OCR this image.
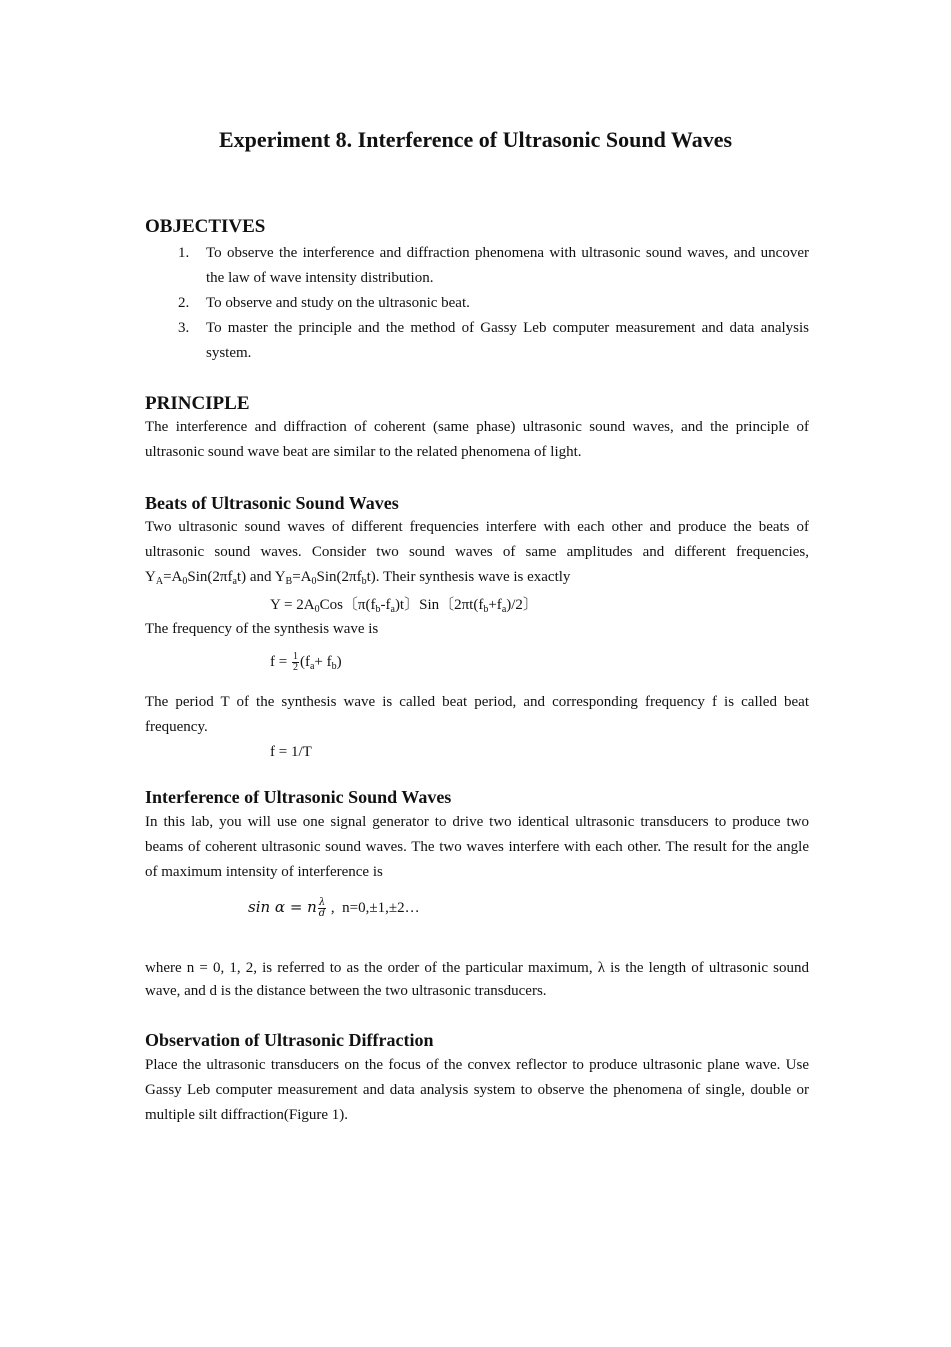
Experiment 8. Interference of Ultrasonic Sound Waves
OBJECTIVES
1. To observe the interference and diffraction phenomena with ultrasonic sound waves, and uncover the law of wave intensity distribution.
2. To observe and study on the ultrasonic beat.
3. To master the principle and the method of Gassy Leb computer measurement and data analysis system.
PRINCIPLE

The interference and diffraction of coherent (same phase) ultrasonic sound waves, and the principle of ultrasonic sound wave beat are similar to the related phenomena of light.

Beats of Ultrasonic Sound Waves

Two ultrasonic sound waves of different frequencies interfere with each other and produce the beats of ultrasonic sound waves. Consider two sound waves of same amplitudes and different frequencies, $Y_A=A_0Sin(2\pi f_at)$ and $Y_B=A_0Sin(2\pi f_bt)$. Their synthesis wave is exactly

$Y = 2A_0Cos$〔$\pi(f_b-f_a)t$〕Sin〔$2\pi t(f_b+f_a)/2$〕

The frequency of the synthesis wave is

$f = \frac{1}{2} (f_a+ f_b)$

The period T of the synthesis wave is called beat period, and corresponding frequency f is called beat frequency.

f = 1/T
Interference of Ultrasonic Sound Waves

In this lab, you will use one signal generator to drive two identical ultrasonic transducers to produce two beams of coherent ultrasonic sound waves. The two waves interfere with each other. The result for the angle of maximum intensity of interference is

sin α = n $\frac{\lambda}{d}$ , n=0,±1,±2…

where n = 0, 1, 2, is referred to as the order of the particular maximum, λ is the length of ultrasonic sound wave, and d is the distance between the two ultrasonic transducers.

Observation of Ultrasonic Diffraction

Place the ultrasonic transducers on the focus of the convex reflector to produce ultrasonic plane wave. Use Gassy Leb computer measurement and data analysis system to observe the phenomena of single, double or multiple silt diffraction(Figure 1).
